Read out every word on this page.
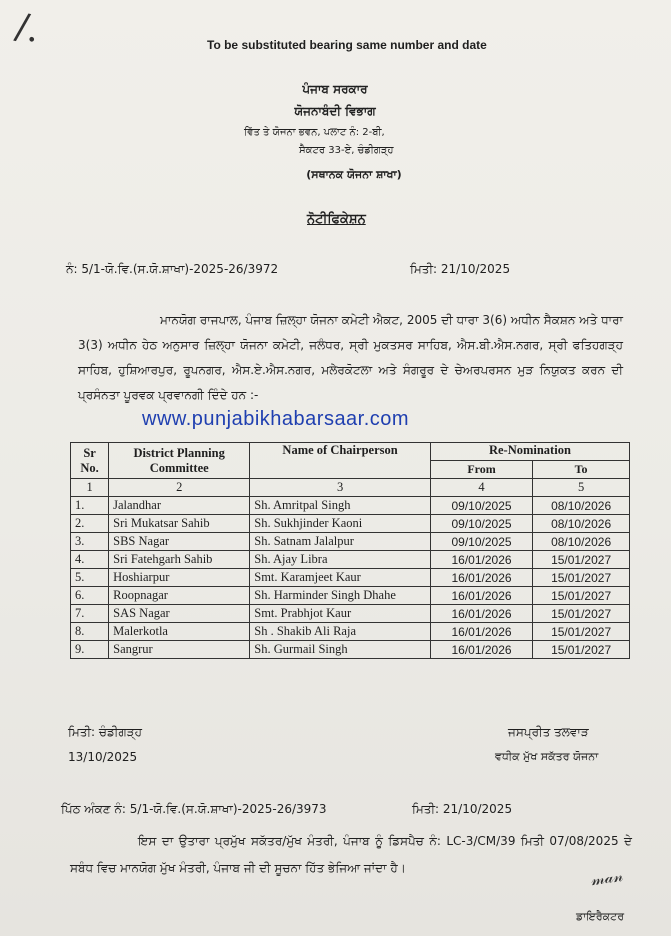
/.	To be substituted bearing same number and date
ਪੰਜਾਬ ਸਰਕਾਰ
ਯੋਜਨਾਬੰਦੀ ਵਿਭਾਗ
ਵਿੱਤ ਤੇ ਯੋਜਨਾ ਭਵਨ, ਪਲਾਟ ਨੰ: 2-ਬੀ,
ਸੈਕਟਰ 33-ਏ, ਚੰਡੀਗੜ੍ਹ
(ਸਥਾਨਕ ਯੋਜਨਾ ਸ਼ਾਖਾ)
ਨੋਟੀਫਿਕੇਸ਼ਨ
ਨੰ: 5/1-ਯੋ.ਵਿ.(ਸ.ਯੋ.ਸ਼ਾਖਾ)-2025-26/3972	ਮਿਤੀ: 21/10/2025
ਮਾਨਯੋਗ ਰਾਜਪਾਲ, ਪੰਜਾਬ ਜ਼ਿਲ੍ਹਾ ਯੋਜਨਾ ਕਮੇਟੀ ਐਕਟ, 2005 ਦੀ ਧਾਰਾ 3(6) ਅਧੀਨ ਸੈਕਸ਼ਨ ਅਤੇ ਧਾਰਾ 3(3) ਅਧੀਨ ਹੇਠ ਅਨੁਸਾਰ ਜ਼ਿਲ੍ਹਾ ਯੋਜਨਾ ਕਮੇਟੀ, ਜਲੰਧਰ, ਸ੍ਰੀ ਮੁਕਤਸਰ ਸਾਹਿਬ, ਐਸ.ਬੀ.ਐਸ.ਨਗਰ, ਸ੍ਰੀ ਫਤਿਹਗੜ੍ਹ ਸਾਹਿਬ, ਹੁਸ਼ਿਆਰਪੁਰ, ਰੂਪਨਗਰ, ਐਸ.ਏ.ਐਸ.ਨਗਰ, ਮਲੇਰਕੋਟਲਾ ਅਤੇ ਸੰਗਰੂਰ ਦੇ ਚੇਅਰਪਰਸਨ ਮੁੜ ਨਿਯੁਕਤ ਕਰਨ ਦੀ ਪ੍ਰਸੰਨਤਾ ਪੂਰਵਕ ਪ੍ਰਵਾਨਗੀ ਦਿੰਦੇ ਹਨ :-
www.punjabikhabarsaar.com
Sr No.	District Planning Committee	Name of Chairperson	Re-Nomination	
			From	To
1	2	3	4	5
1.	Jalandhar	Sh. Amritpal Singh	09/10/2025	08/10/2026
2.	Sri Mukatsar Sahib	Sh. Sukhjinder Kaoni	09/10/2025	08/10/2026
3.	SBS Nagar	Sh. Satnam Jalalpur	09/10/2025	08/10/2026
4.	Sri Fatehgarh Sahib	Sh. Ajay Libra	16/01/2026	15/01/2027
5.	Hoshiarpur	Smt. Karamjeet Kaur	16/01/2026	15/01/2027
6.	Roopnagar	Sh. Harminder Singh Dhahe	16/01/2026	15/01/2027
7.	SAS Nagar	Smt. Prabhjot Kaur	16/01/2026	15/01/2027
8.	Malerkotla	Sh . Shakib Ali Raja	16/01/2026	15/01/2027
9.	Sangrur	Sh. Gurmail Singh	16/01/2026	15/01/2027
ਮਿਤੀ: ਚੰਡੀਗੜ੍ਹ
13/10/2025
ਜਸਪ੍ਰੀਤ ਤਲਵਾੜ
ਵਧੀਕ ਮੁੱਖ ਸਕੱਤਰ ਯੋਜਨਾ
ਪਿੱਠ ਅੰਕਣ ਨੰ: 5/1-ਯੋ.ਵਿ.(ਸ.ਯੋ.ਸ਼ਾਖਾ)-2025-26/3973	ਮਿਤੀ: 21/10/2025
ਇਸ ਦਾ ਉਤਾਰਾ ਪ੍ਰਮੁੱਖ ਸਕੱਤਰ/ਮੁੱਖ ਮੰਤਰੀ, ਪੰਜਾਬ ਨੂੰ ਡਿਸਪੈਚ ਨੰ: LC-3/CM/39 ਮਿਤੀ 07/08/2025 ਦੇ ਸਬੰਧ ਵਿਚ ਮਾਨਯੋਗ ਮੁੱਖ ਮੰਤਰੀ, ਪੰਜਾਬ ਜੀ ਦੀ ਸੂਚਨਾ ਹਿੱਤ ਭੇਜਿਆ ਜਾਂਦਾ ਹੈ।	𝓂𝒶𝓃
ਡਾਇਰੈਕਟਰ
